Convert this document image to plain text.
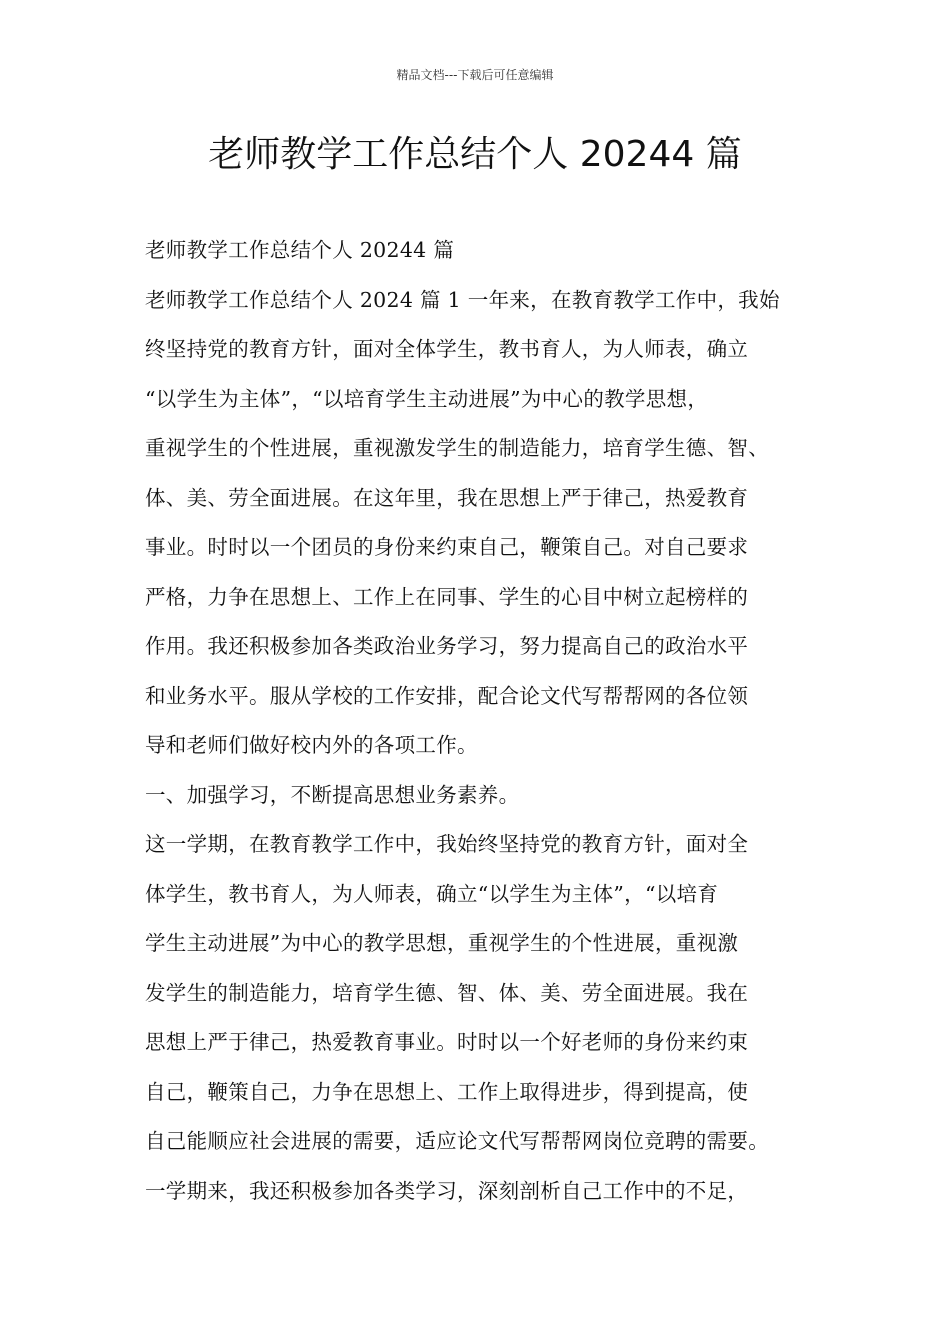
精品文档---下载后可任意编辑
老师教学工作总结个人 20244 篇
老师教学工作总结个人 20244 篇
老师教学工作总结个人 2024 篇 1 一年来，在教育教学工作中，我始
终坚持党的教育方针，面对全体学生，教书育人，为人师表，确立
“以学生为主体”，“以培育学生主动进展”为中心的教学思想，
重视学生的个性进展，重视激发学生的制造能力，培育学生德、智、
体、美、劳全面进展。在这年里，我在思想上严于律己，热爱教育
事业。时时以一个团员的身份来约束自己，鞭策自己。对自己要求
严格，力争在思想上、工作上在同事、学生的心目中树立起榜样的
作用。我还积极参加各类政治业务学习，努力提高自己的政治水平
和业务水平。服从学校的工作安排，配合论文代写帮帮网的各位领
导和老师们做好校内外的各项工作。
一、加强学习，不断提高思想业务素养。
这一学期，在教育教学工作中，我始终坚持党的教育方针，面对全
体学生，教书育人，为人师表，确立“以学生为主体”，“以培育
学生主动进展”为中心的教学思想，重视学生的个性进展，重视激
发学生的制造能力，培育学生德、智、体、美、劳全面进展。我在
思想上严于律己，热爱教育事业。时时以一个好老师的身份来约束
自己，鞭策自己，力争在思想上、工作上取得进步，得到提高，使
自己能顺应社会进展的需要，适应论文代写帮帮网岗位竞聘的需要。
一学期来，我还积极参加各类学习，深刻剖析自己工作中的不足，
